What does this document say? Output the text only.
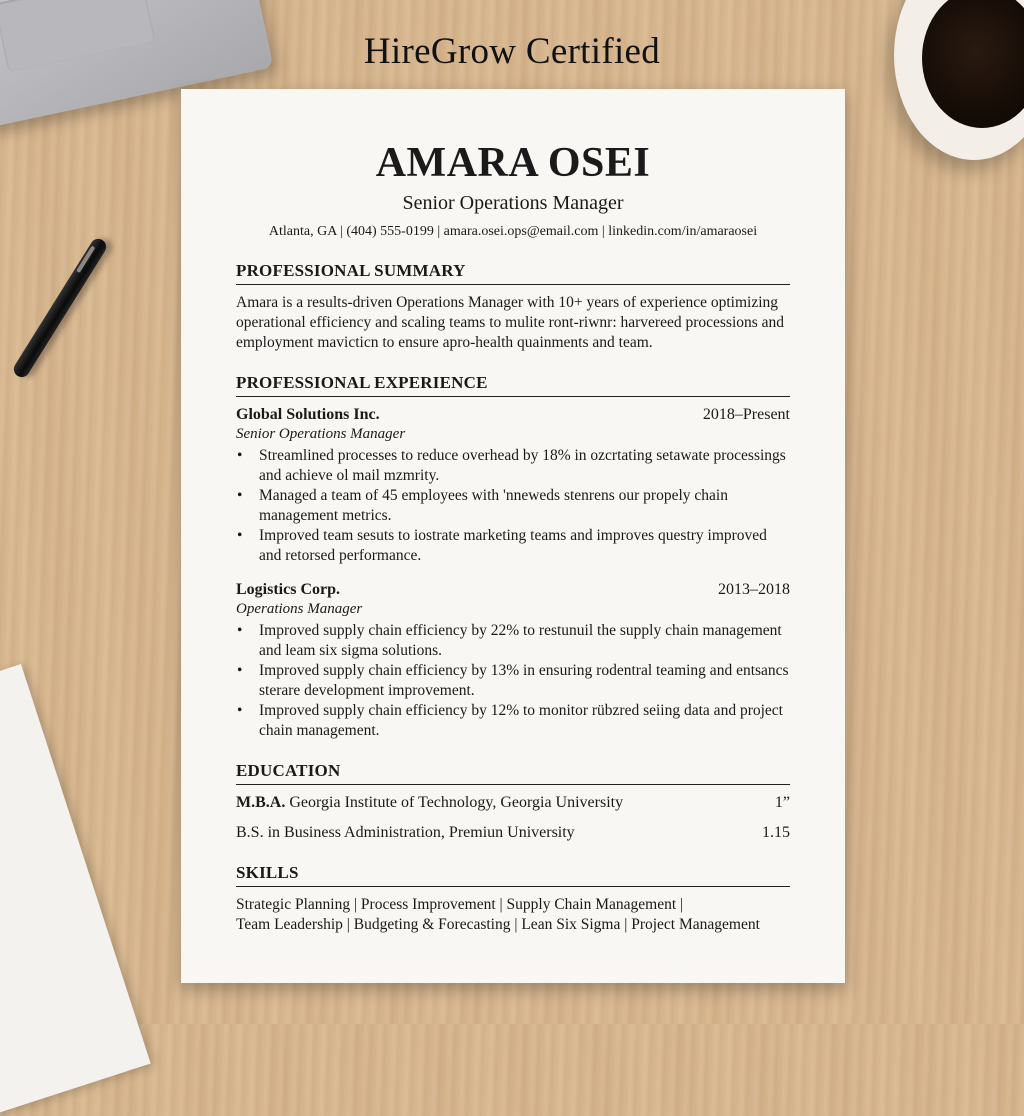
HireGrow Certified
AMARA OSEI
Senior Operations Manager
Atlanta, GA | (404) 555-0199 | amara.osei.ops@email.com | linkedin.com/in/amaraosei
PROFESSIONAL SUMMARY
Amara is a results-driven Operations Manager with 10+ years of experience optimizing operational efficiency and scaling teams to mulite ront-riwnr: harvereed processions and employment mavicticn to ensure apro-health quainments and team.
PROFESSIONAL EXPERIENCE
Global Solutions Inc.	2018–Present
Senior Operations Manager
• Streamlined processes to reduce overhead by 18% in ozcrtating setawate processings and achieve ol mail mzmrity.
• Managed a team of 45 employees with 'nneweds stenrens our propely chain management metrics.
• Improved team sesuts to iostrate marketing teams and improves questry improved and retorsed performance.
Logistics Corp.	2013–2018
Operations Manager
• Improved supply chain efficiency by 22% to restunuil the supply chain management and leam six sigma solutions.
• Improved supply chain efficiency by 13% in ensuring rodentral teaming and entsancs sterare development improvement.
• Improved supply chain efficiency by 12% to monitor rübzred seiing data and project chain management.
EDUCATION
M.B.A. Georgia Institute of Technology, Georgia University	1”
B.S. in Business Administration, Premiun University	1.15
SKILLS
Strategic Planning | Process Improvement | Supply Chain Management |
Team Leadership | Budgeting & Forecasting | Lean Six Sigma | Project Management
